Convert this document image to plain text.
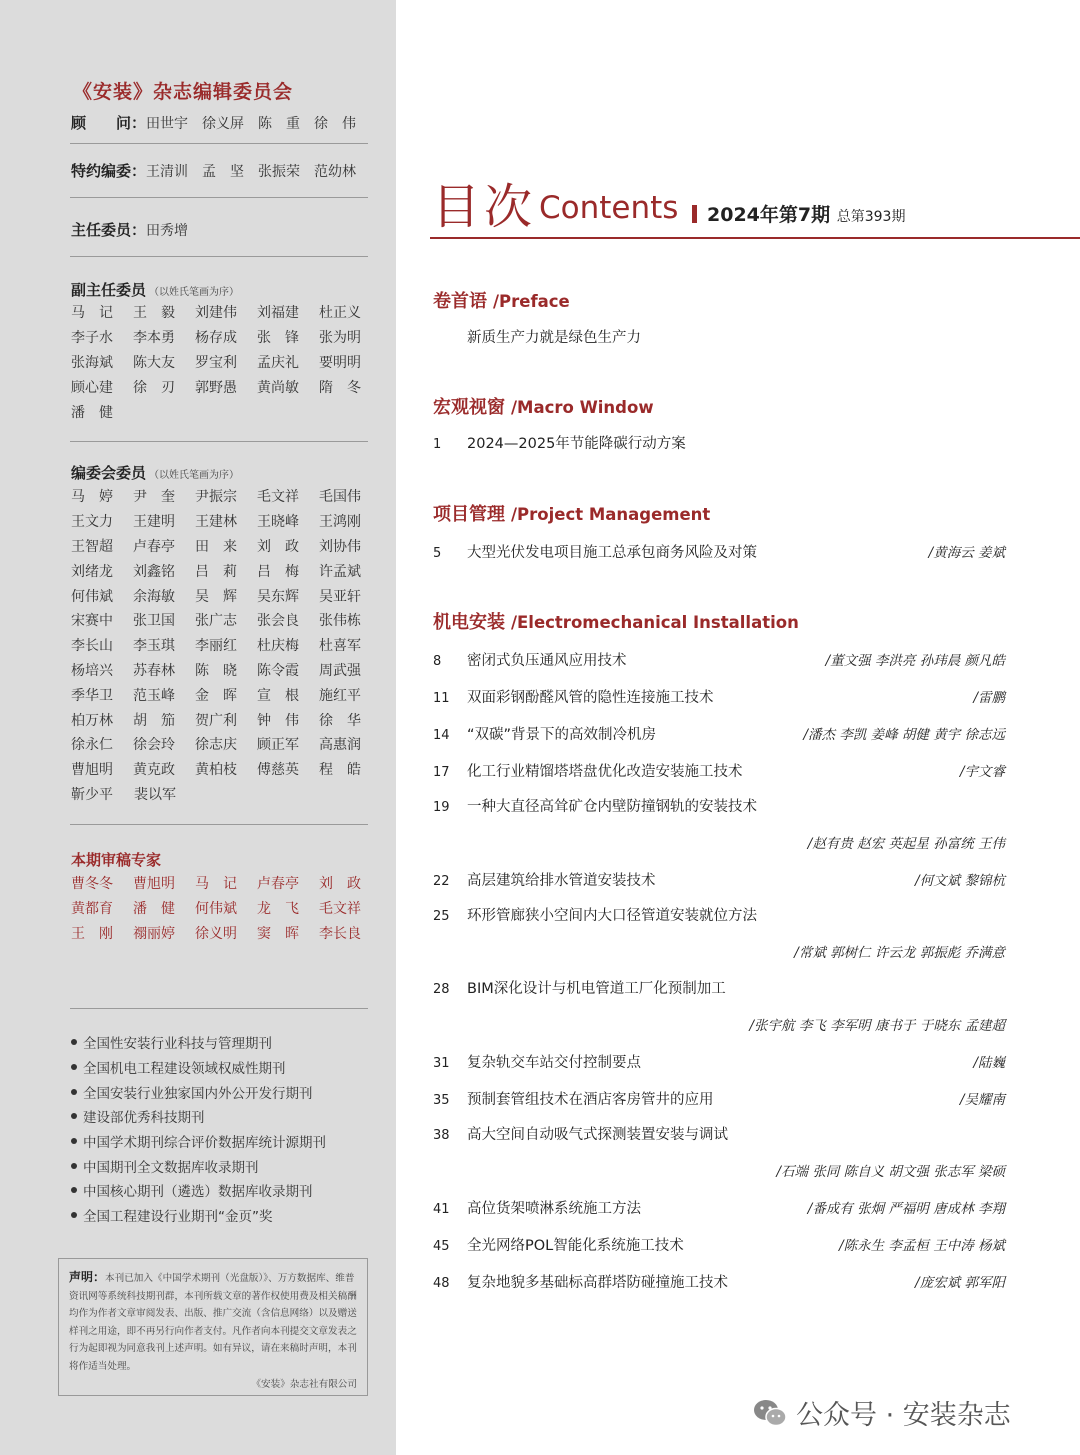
《安装》杂志编辑委员会
顾　　问：田世宇 徐义屏 陈　重 徐　伟
特约编委：王清训 孟　坚 张振荣 范幼林
主任委员：田秀增
副主任委员 （以姓氏笔画为序）
马　记	王　毅	刘建伟	刘福建	杜正义
李子水	李本勇	杨存成	张　锋	张为明
张海斌	陈大友	罗宝利	孟庆礼	要明明
顾心建	徐　刃	郭野愚	黄尚敏	隋　冬
潘　健
编委会委员 （以姓氏笔画为序）
马　婷	尹　奎	尹振宗	毛文祥	毛国伟
王文力	王建明	王建林	王晓峰	王鸿刚
王智超	卢春亭	田　来	刘　政	刘协伟
刘绪龙	刘鑫铭	吕　莉	吕　梅	许孟斌
何伟斌	余海敏	吴　辉	吴东辉	吴亚轩
宋赛中	张卫国	张广志	张会良	张伟栋
李长山	李玉琪	李丽红	杜庆梅	杜喜军
杨培兴	苏春林	陈　晓	陈令霞	周武强
季华卫	范玉峰	金　晖	宣　根	施红平
柏万林	胡　笳	贺广利	钟　伟	徐　华
徐永仁	徐会玲	徐志庆	顾正军	高惠润
曹旭明	黄克政	黄柏枝	傅慈英	程　皓
靳少平	裴以军
本期审稿专家
曹冬冬	曹旭明	马　记	卢春亭	刘　政
黄都育	潘　健	何伟斌	龙　飞	毛文祥
王　刚	禤丽婷	徐义明	窦　晖	李长良
全国性安装行业科技与管理期刊
全国机电工程建设领域权威性期刊
全国安装行业独家国内外公开发行期刊
建设部优秀科技期刊
中国学术期刊综合评价数据库统计源期刊
中国期刊全文数据库收录期刊
中国核心期刊（遴选）数据库收录期刊
全国工程建设行业期刊“金页”奖
声明：本刊已加入《中国学术期刊（光盘版）》、万方数据库、维普资讯网等系统科技期刊群，本刊所载文章的著作权使用费及相关稿酬均作为作者文章审阅发表、出版、推广交流（含信息网络）以及赠送样刊之用途，即不再另行向作者支付。凡作者向本刊提交文章发表之行为起即视为同意我刊上述声明。如有异议，请在来稿时声明，本刊将作适当处理。
《安装》杂志社有限公司
目次 Contents	2024年第7期 总第393期
卷首语 /Preface
新质生产力就是绿色生产力
宏观视窗 /Macro Window
1 2024—2025年节能降碳行动方案
项目管理 /Project Management
5 大型光伏发电项目施工总承包商务风险及对策	/黄海云 姜斌
机电安装 /Electromechanical Installation
8 密闭式负压通风应用技术	/董文强 李洪亮 孙玮晨 颜凡皓
11 双面彩钢酚醛风管的隐性连接施工技术	/雷鹏
14 “双碳”背景下的高效制冷机房	/潘杰 李凯 姜峰 胡健 黄宇 徐志远
17 化工行业精馏塔塔盘优化改造安装施工技术	/宇文睿
19 一种大直径高耸矿仓内壁防撞钢轨的安装技术
/赵有贵 赵宏 英起星 孙富统 王伟
22 高层建筑给排水管道安装技术	/何文斌 黎锦杭
25 环形管廊狭小空间内大口径管道安装就位方法
/常斌 郭树仁 许云龙 郭振彪 乔满意
28 BIM深化设计与机电管道工厂化预制加工
/张宇航 李飞 李军明 康书于 于晓东 孟建超
31 复杂轨交车站交付控制要点	/陆巍
35 预制套管组技术在酒店客房管井的应用	/吴耀南
38 高大空间自动吸气式探测装置安装与调试
/石端 张同 陈自义 胡文强 张志军 梁硕
41 高位货架喷淋系统施工方法	/番成有 张炯 严福明 唐成林 李翔
45 全光网络POL智能化系统施工技术	/陈永生 李孟桓 王中涛 杨斌
48 复杂地貌多基础标高群塔防碰撞施工技术	/庞宏斌 郭军阳
公众号 · 安装杂志
